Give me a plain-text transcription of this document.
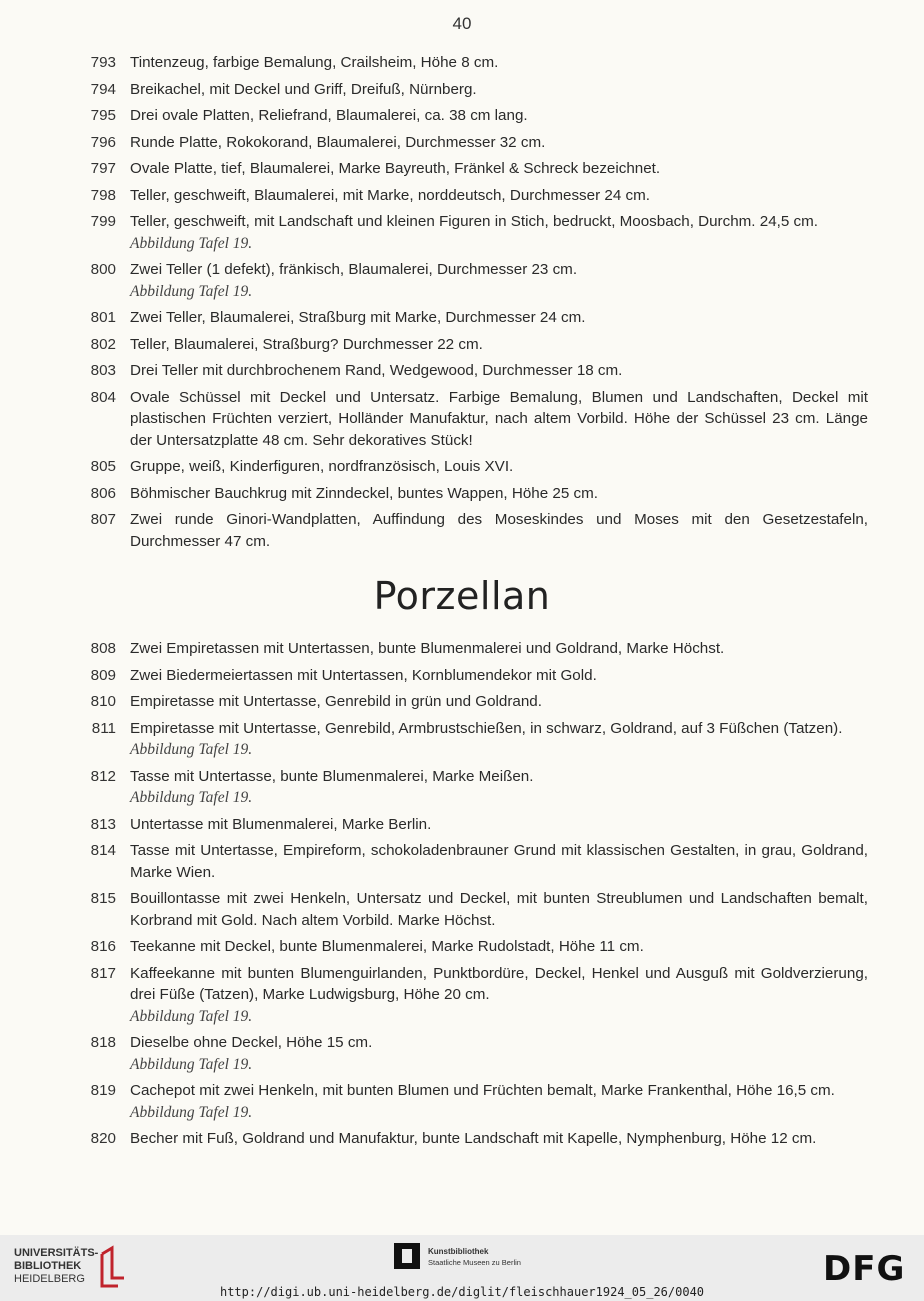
40
793 Tintenzeug, farbige Bemalung, Crailsheim, Höhe 8 cm.
794 Breikachel, mit Deckel und Griff, Dreifuß, Nürnberg.
795 Drei ovale Platten, Reliefrand, Blaumalerei, ca. 38 cm lang.
796 Runde Platte, Rokokorand, Blaumalerei, Durchmesser 32 cm.
797 Ovale Platte, tief, Blaumalerei, Marke Bayreuth, Fränkel & Schreck bezeichnet.
798 Teller, geschweift, Blaumalerei, mit Marke, norddeutsch, Durchmesser 24 cm.
799 Teller, geschweift, mit Landschaft und kleinen Figuren in Stich, bedruckt, Moosbach, Durchm. 24,5 cm.
Abbildung Tafel 19.
800 Zwei Teller (1 defekt), fränkisch, Blaumalerei, Durchmesser 23 cm.
Abbildung Tafel 19.
801 Zwei Teller, Blaumalerei, Straßburg mit Marke, Durchmesser 24 cm.
802 Teller, Blaumalerei, Straßburg? Durchmesser 22 cm.
803 Drei Teller mit durchbrochenem Rand, Wedgewood, Durchmesser 18 cm.
804 Ovale Schüssel mit Deckel und Untersatz. Farbige Bemalung, Blumen und Landschaften, Deckel mit plastischen Früchten verziert, Holländer Manufaktur, nach altem Vorbild. Höhe der Schüssel 23 cm. Länge der Untersatzplatte 48 cm. Sehr dekoratives Stück!
805 Gruppe, weiß, Kinderfiguren, nordfranzösisch, Louis XVI.
806 Böhmischer Bauchkrug mit Zinndeckel, buntes Wappen, Höhe 25 cm.
807 Zwei runde Ginori-Wandplatten, Auffindung des Moseskindes und Moses mit den Gesetzestafeln, Durchmesser 47 cm.
Porzellan
808 Zwei Empiretassen mit Untertassen, bunte Blumenmalerei und Goldrand, Marke Höchst.
809 Zwei Biedermeiertassen mit Untertassen, Kornblumendekor mit Gold.
810 Empiretasse mit Untertasse, Genrebild in grün und Goldrand.
811 Empiretasse mit Untertasse, Genrebild, Armbrustschießen, in schwarz, Goldrand, auf 3 Füßchen (Tatzen).
Abbildung Tafel 19.
812 Tasse mit Untertasse, bunte Blumenmalerei, Marke Meißen.
Abbildung Tafel 19.
813 Untertasse mit Blumenmalerei, Marke Berlin.
814 Tasse mit Untertasse, Empireform, schokoladenbrauner Grund mit klassischen Gestalten, in grau, Goldrand, Marke Wien.
815 Bouillontasse mit zwei Henkeln, Untersatz und Deckel, mit bunten Streublumen und Landschaften bemalt, Korbrand mit Gold. Nach altem Vorbild. Marke Höchst.
816 Teekanne mit Deckel, bunte Blumenmalerei, Marke Rudolstadt, Höhe 11 cm.
817 Kaffeekanne mit bunten Blumenguirlanden, Punktbordüre, Deckel, Henkel und Ausguß mit Goldverzierung, drei Füße (Tatzen), Marke Ludwigsburg, Höhe 20 cm.
Abbildung Tafel 19.
818 Dieselbe ohne Deckel, Höhe 15 cm.
Abbildung Tafel 19.
819 Cachepot mit zwei Henkeln, mit bunten Blumen und Früchten bemalt, Marke Frankenthal, Höhe 16,5 cm.
Abbildung Tafel 19.
820 Becher mit Fuß, Goldrand und Manufaktur, bunte Landschaft mit Kapelle, Nymphenburg, Höhe 12 cm.
UNIVERSITÄTS-
BIBLIOTHEK
HEIDELBERG
Kunstbibliothek
Staatliche Museen zu Berlin	DFG
http://digi.ub.uni-heidelberg.de/diglit/fleischhauer1924_05_26/0040
